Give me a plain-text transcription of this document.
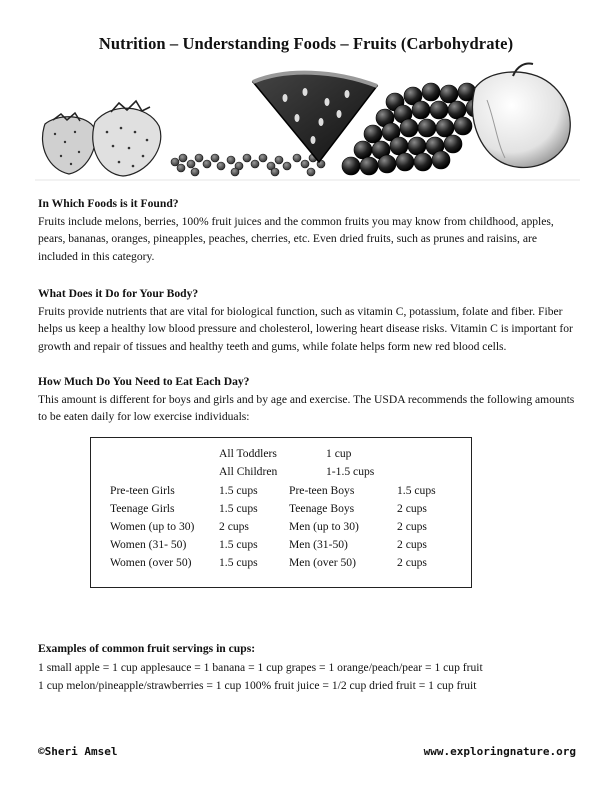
Nutrition – Understanding Foods – Fruits (Carbohydrate)
In Which Foods is it Found?

Fruits include melons, berries, 100% fruit juices and the common fruits you may know from childhood, apples, pears, bananas, oranges, pineapples, peaches, cherries, etc. Even dried fruits, such as prunes and raisins, are included in this category.

What Does it Do for Your Body?

Fruits provide nutrients that are vital for biological function, such as vitamin C, potassium, folate and fiber. Fiber helps us keep a healthy low blood pressure and cholesterol, lowering heart disease risks. Vitamin C is important for growth and repair of tissues and healthy teeth and gums, while folate helps form new red blood cells.

How Much Do You Need to Eat Each Day?

This amount is different for boys and girls and by age and exercise. The USDA recommends the following amounts to be eaten daily for low exercise individuals:

All Toddlers	1 cup
All Children	1-1.5 cups
Pre-teen Girls	1.5 cups	Pre-teen Boys	1.5 cups
Teenage Girls	1.5 cups	Teenage Boys	2 cups
Women (up to 30) 2 cups	Men (up to 30)	2 cups
Women (31- 50)	1.5 cups	Men (31-50)	2 cups
Women (over 50) 1.5 cups	Men (over 50)	2 cups
Examples of common fruit servings in cups:

1 small apple = 1 cup applesauce = 1 banana = 1 cup grapes = 1 orange/peach/pear = 1 cup fruit

1 cup melon/pineapple/strawberries = 1 cup 100% fruit juice = 1/2 cup dried fruit = 1 cup fruit

©Sheri Amsel	www.exploringnature.org
